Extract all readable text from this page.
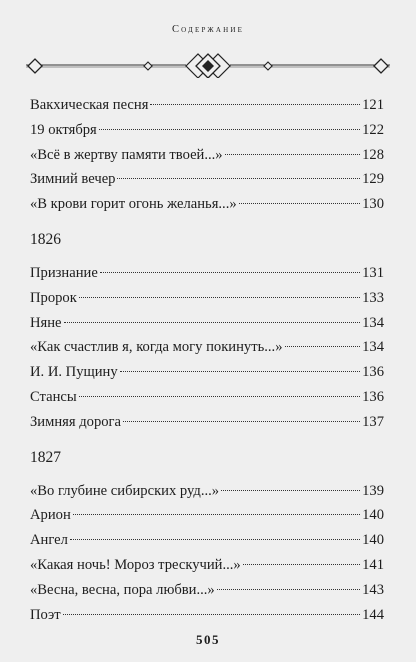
Содержание
Вакхическая песня	121
19 октября	122
«Всё в жертву памяти твоей...»	128
Зимний вечер	129
«В крови горит огонь желанья...»	130
1826
Признание	131
Пророк	133
Няне	134
«Как счастлив я, когда могу покинуть...»	134
И. И. Пущину	136
Стансы	136
Зимняя дорога	137
1827
«Во глубине сибирских руд...»	139
Арион	140
Ангел	140
«Какая ночь! Мороз трескучий...»	141
«Весна, весна, пора любви...»	143
Поэт	144
505
